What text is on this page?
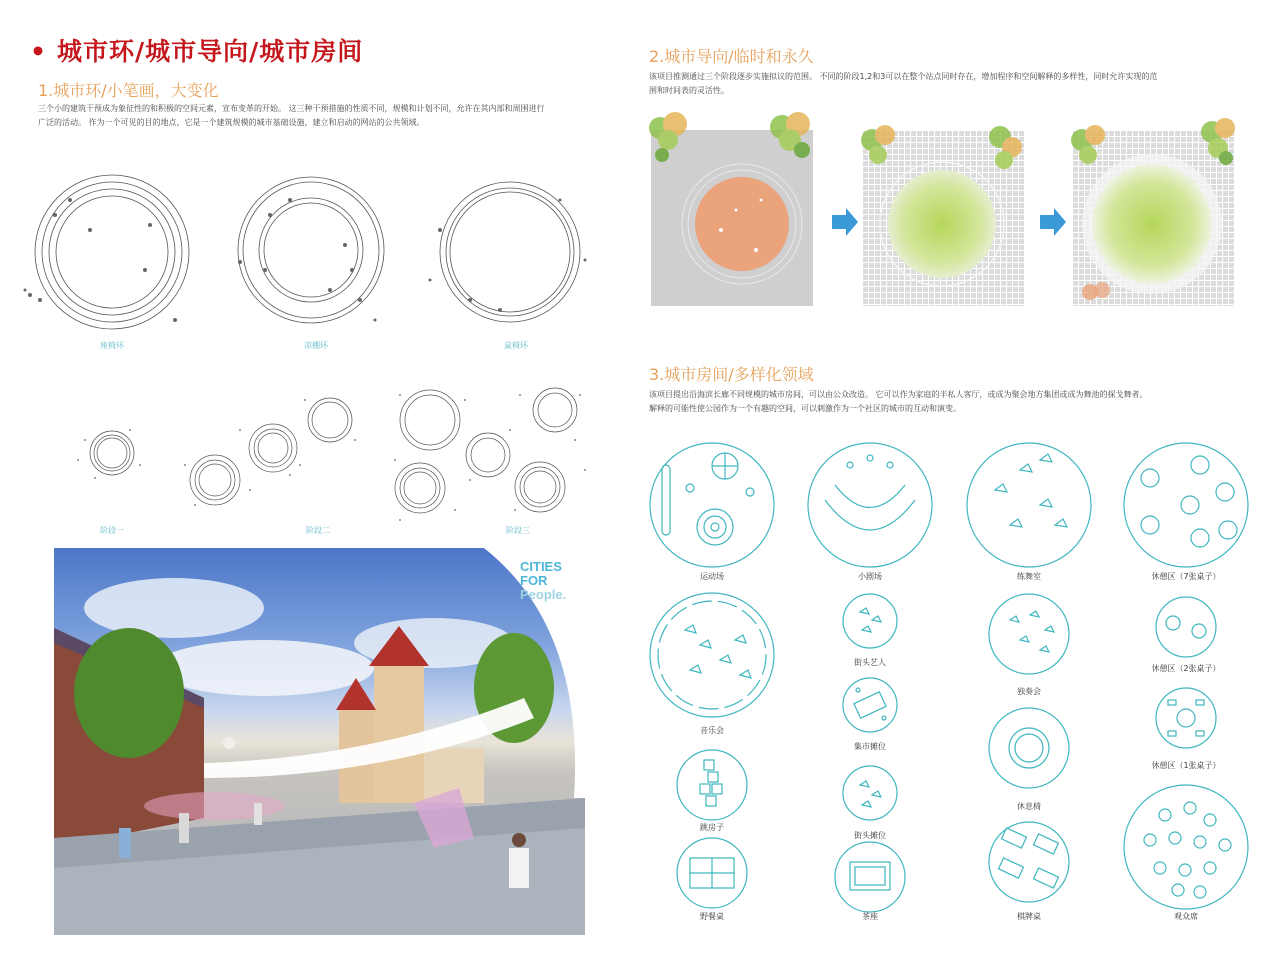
• 城市环/城市导向/城市房间
1.城市环/小笔画，大变化
三个小的建筑干预成为象征性的和积极的空间元素，宣布变革的开始。 这三种干预措施的性质不同，规模和计划不同，允许在其内部和周围进行
广泛的活动。 作为一个可见的目的地点，它是一个建筑规模的城市基础设施，建立和启动的网站的公共领域。
座椅环	凉棚环	桌椅环
阶段一	阶段二	阶段三
CITIES
FOR
People.
2.城市导向/临时和永久
该项目推测通过三个阶段逐步实施拟议的范围。 不同的阶段1,2和3可以在整个站点同时存在，增加程序和空间解释的多样性，同时允许实现的范
围和时间表的灵活性。
3.城市房间/多样化领域
该项目提出沿海滨长廊不同规模的城市房间，可以由公众改造。 它可以作为家庭的半私人客厅，或成为聚会地方集团或成为舞池的探戈舞者。
解释的可能性使公园作为一个有趣的空间，可以刺激作为一个社区的城市的互动和演变。
运动场	小剧场	练舞室	休憩区（7张桌子）
音乐会
街头艺人
独奏会
休憩区（2张桌子）
集市摊位
休憩区（1张桌子）
跳房子
街头摊位
休息椅
野餐桌	茶座	棋牌桌	观众席
